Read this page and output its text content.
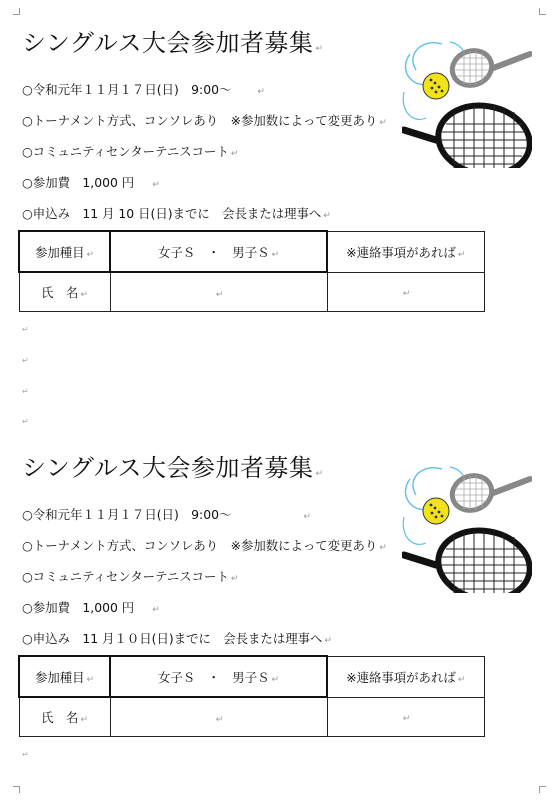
シングルス大会参加者募集 ↵
○令和元年１１月１７日(日)　9:00～	↵
○トーナメント方式、コンソレあり　※参加数によって変更あり ↵
○コミュニティセンターテニスコート ↵
○参加費　1,000 円 ↵
○申込み　11 月 10 日(日)までに　会長または理事へ ↵
参加種目 ↵	女子Ｓ　・　男子Ｓ ↵	※連絡事項があれば ↵
氏　名 ↵	↵	↵
↵
↵
↵
↵
シングルス大会参加者募集 ↵
○令和元年１１月１７日(日)　9:00～	↵
○トーナメント方式、コンソレあり　※参加数によって変更あり ↵
○コミュニティセンターテニスコート ↵
○参加費　1,000 円 ↵
○申込み　11 月１０日(日)までに　会長または理事へ ↵
参加種目 ↵	女子Ｓ　・　男子Ｓ ↵	※連絡事項があれば ↵
氏　名 ↵	↵	↵
↵
